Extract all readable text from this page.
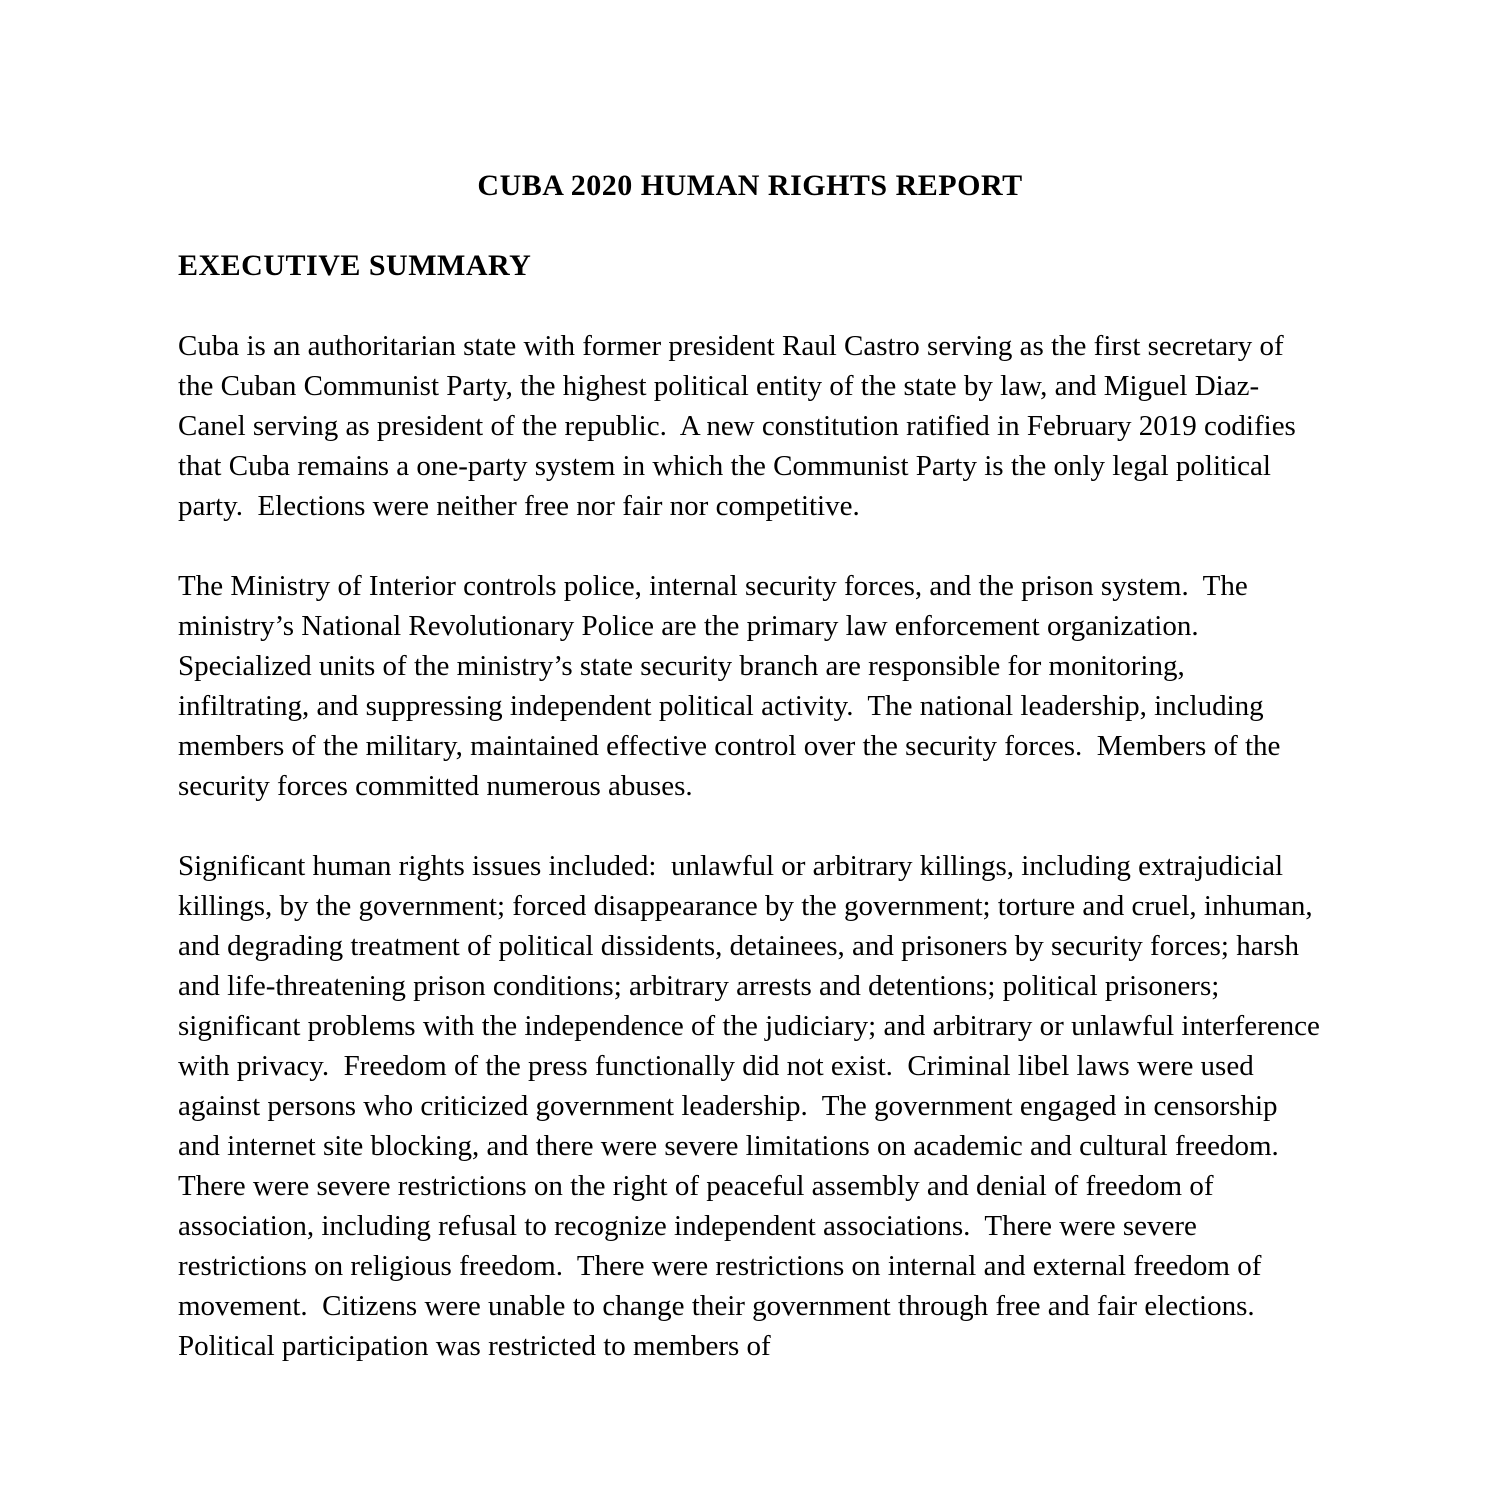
CUBA 2020 HUMAN RIGHTS REPORT
EXECUTIVE SUMMARY

Cuba is an authoritarian state with former president Raul Castro serving as the first secretary of the Cuban Communist Party, the highest political entity of the state by law, and Miguel Diaz-Canel serving as president of the republic.  A new constitution ratified in February 2019 codifies that Cuba remains a one-party system in which the Communist Party is the only legal political party.  Elections were neither free nor fair nor competitive.

The Ministry of Interior controls police, internal security forces, and the prison system.  The ministry’s National Revolutionary Police are the primary law enforcement organization.  Specialized units of the ministry’s state security branch are responsible for monitoring, infiltrating, and suppressing independent political activity.  The national leadership, including members of the military, maintained effective control over the security forces.  Members of the security forces committed numerous abuses.

Significant human rights issues included:  unlawful or arbitrary killings, including extrajudicial killings, by the government; forced disappearance by the government; torture and cruel, inhuman, and degrading treatment of political dissidents, detainees, and prisoners by security forces; harsh and life-threatening prison conditions; arbitrary arrests and detentions; political prisoners; significant problems with the independence of the judiciary; and arbitrary or unlawful interference with privacy.  Freedom of the press functionally did not exist.  Criminal libel laws were used against persons who criticized government leadership.  The government engaged in censorship and internet site blocking, and there were severe limitations on academic and cultural freedom.  There were severe restrictions on the right of peaceful assembly and denial of freedom of association, including refusal to recognize independent associations.  There were severe restrictions on religious freedom.  There were restrictions on internal and external freedom of movement.  Citizens were unable to change their government through free and fair elections.  Political participation was restricted to members of
